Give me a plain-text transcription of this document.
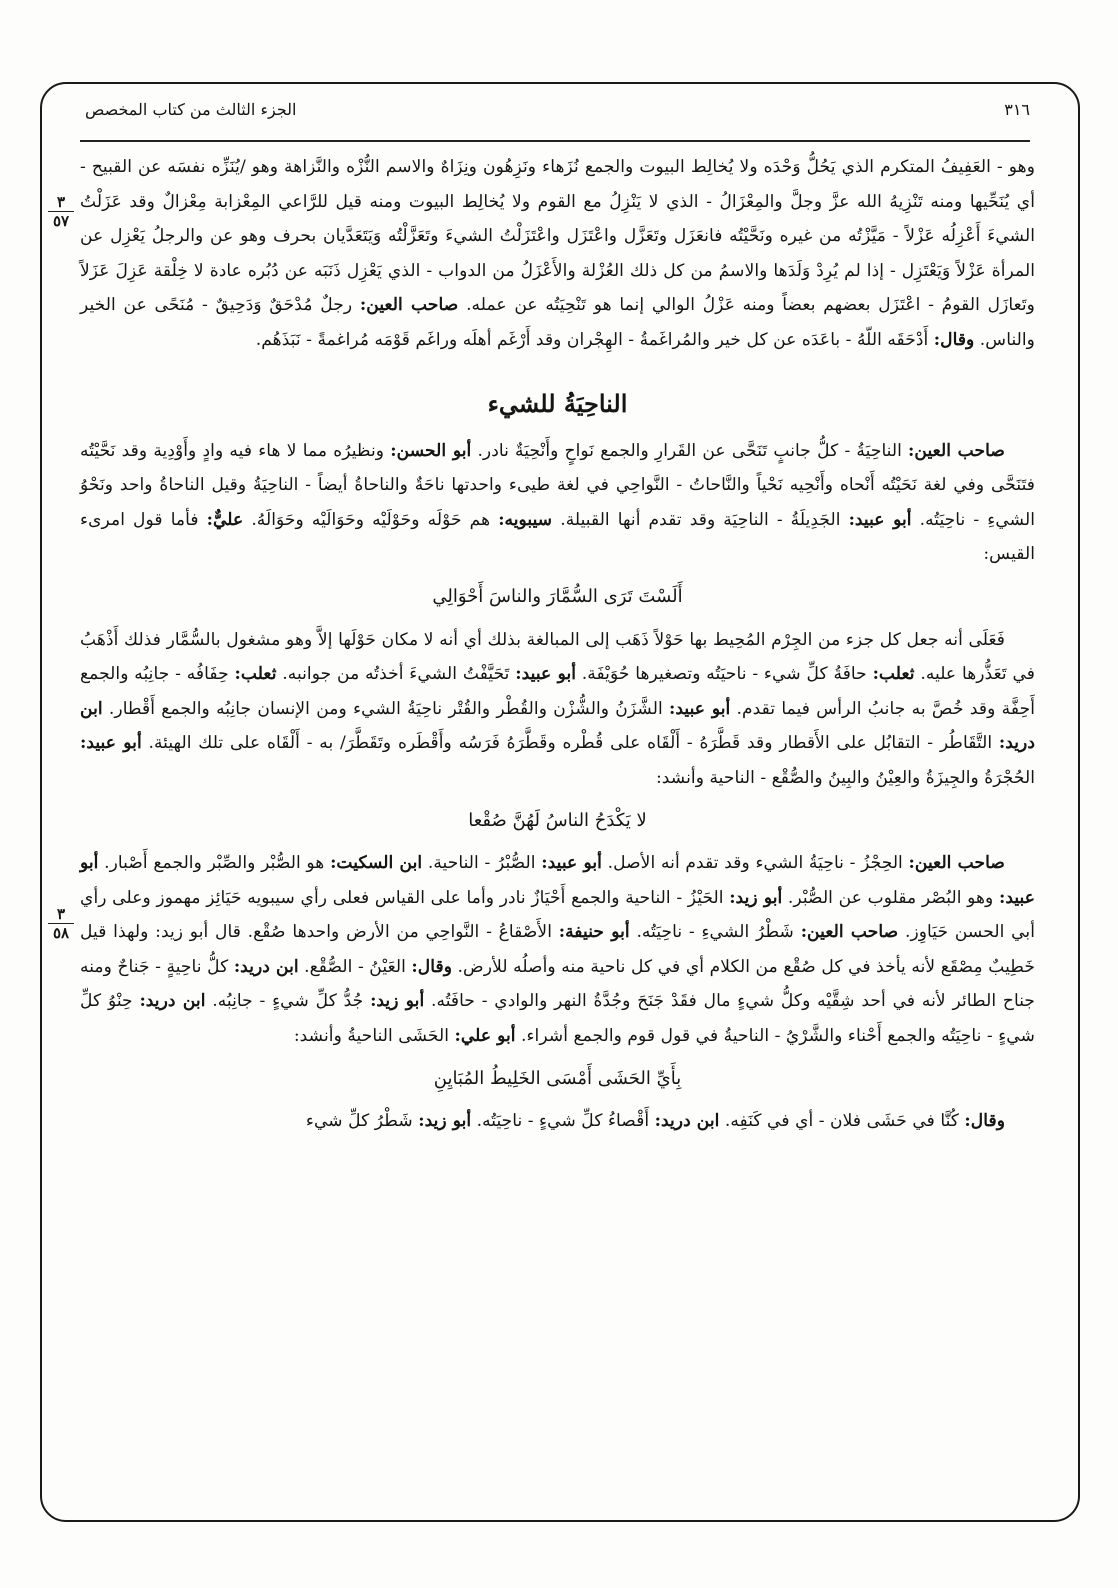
٣١٦
الجزء الثالث من كتاب المخصص
٣
٥٧
٣
٥٨

وهو - العَفِيفُ المتكرم الذي يَحُلُّ وَحْدَه ولا يُخالِط البيوت والجمع نُزَهاء ونَزِهُون ونِزَاهٌ والاسم النُّزْه والنَّزاهة وهو /يُنَزِّه نفسَه عن القبيح - أي يُنَحِّيها ومنه تَنْزِيهُ الله عزَّ وجلَّ والمِعْزَالُ - الذي لا يَنْزِلُ مع القوم ولا يُخالِط البيوت ومنه قيل للرَّاعي المِعْزابة مِعْزالٌ وقد عَزَلْتُ الشيءَ أَعْزِلُه عَزْلاً - مَيَّزْتُه من غيره ونَحَّيْتُه فانعَزَل وتَعَزَّل واعْتَزَل واعْتَزَلْتُ الشيءَ وتَعَزَّلْتُه وَيَتَعَدَّيان بحرف وهو عن والرجلُ يَعْزِل عن المرأة عَزْلاً وَيَعْتَزِل - إذا لم يُرِدْ وَلَدَها والاسمُ من كل ذلك العُزْلة والأَعْزَلُ من الدواب - الذي يَعْزِل ذَنَبَه عن دُبُره عادة لا خِلْقة عَزِلَ عَزَلاً وتَعازَل القومُ - اعْتَزَل بعضهم بعضاً ومنه عَزْلُ الوالي إنما هو تَنْحِيَتُه عن عمله. صاحب العين: رجلٌ مُدْحَقٌ وَدَحِيقٌ - مُنَحًى عن الخير والناس. وقال: أَدْحَقَه اللّهُ - باعَدَه عن كل خير والمُراغَمةُ - الهِجْران وقد أَرْغَم أهلَه وراغَم قَوْمَه مُراغمةً - نَبَذَهُم.

الناحِيَةُ للشيء

صاحب العين: الناحِيَةُ - كلُّ جانبٍ تَنَحَّى عن القَرارِ والجمع نَواحٍ وأَنْحِيَةٌ نادر. أبو الحسن: ونظيرُه مما لا هاء فيه وادٍ وأَوْدِية وقد نَحَّيْتُه فتَنَحَّى وفي لغة نَحَيْتُه أَنْحاه وأَنْحِيه نَحْياً والنَّاحاتُ - النَّواحِي في لغة طيىء واحدتها ناحَةٌ والناحاةُ أيضاً - الناحِيَةُ وقيل الناحاةُ واحد ونَحْوُ الشيءِ - ناحِيَتُه. أبو عبيد: الجَدِيلَةُ - الناحِيَة وقد تقدم أنها القبيلة. سيبويه: هم حَوْلَه وحَوْلَيْه وحَوَالَيْه وحَوَالَهُ. عليٌّ: فأما قول امرىء القيس:

أَلَسْتَ تَرَى السُّمَّارَ والناسَ أَحْوَالِي

فَعَلَى أنه جعل كل جزء من الجِرْم المُحِيط بها حَوْلاً ذَهَب إلى المبالغة بذلك أي أنه لا مكان حَوْلَها إلاَّ وهو مشغول بالسُّمَّار فذلك أَذْهَبُ في تَعَذُّرها عليه. ثعلب: حافَةُ كلِّ شيء - ناحيَتُه وتصغيرها حُوَيْفَة. أبو عبيد: تَحَيَّفْتُ الشيءَ أخذتُه من جوانبه. ثعلب: حِفَافُه - جانِبُه والجمع أَحِفَّة وقد خُصَّ به جانبُ الرأس فيما تقدم. أبو عبيد: الشَّزَنُ والشُّزْن والقُطْر والقُتْر ناحِيَةُ الشيء ومن الإنسان جانِبُه والجمع أَقْطار. ابن دريد: التَّقَاطُر - التقابُل على الأَقطار وقد قَطَّرَهُ - أَلْقَاه على قُطْره وقَطَّرَهُ فَرَسُه وأَقْطَره وتَقَطَّرَ/ به - أَلْقَاه على تلك الهيئة. أبو عبيد: الحُجْرَةُ والجِيزَةُ والعِيْنُ والبِينُ والصُّقْع - الناحية وأنشد:

لا يَكْدَحُ الناسُ لَهُنَّ صُقْعا

صاحب العين: الحِجْزُ - ناحِيَةُ الشيء وقد تقدم أنه الأصل. أبو عبيد: الصُّبْرُ - الناحية. ابن السكيت: هو الصُّبْر والصِّبْر والجمع أَصْبار. أبو عبيد: وهو البُصْر مقلوب عن الصُّبْر. أبو زيد: الحَيْزُ - الناحية والجمع أَحْيَازٌ نادر وأما على القياس فعلى رأي سيبويه حَيَائِز مهموز وعلى رأي أبي الحسن حَيَاوِز. صاحب العين: شَطْرُ الشيءِ - ناحِيَتُه. أبو حنيفة: الأَصْقاعُ - النَّواحِي من الأرض واحدها صُقْع. قال أبو زيد: ولهذا قيل خَطِيبٌ مِصْقَع لأنه يأخذ في كل صُقْع من الكلام أي في كل ناحية منه وأصلُه للأرض. وقال: العَيْنُ - الصُّقْع. ابن دريد: كلُّ ناحِيةٍ - جَناحٌ ومنه جناح الطائر لأنه في أحد شِقَّيْه وكلُّ شيءٍ مال فقَدْ جَنَحَ وجُدَّةُ النهر والوادي - حافَتُه. أبو زيد: جُدُّ كلِّ شيءٍ - جانِبُه. ابن دريد: حِنْوُ كلِّ شيءٍ - ناحِيَتُه والجمع أَحْناء والشَّرْيُ - الناحيةُ في قول قوم والجمع أشراء. أبو علي: الحَشَى الناحيةُ وأنشد:

بِأَيِّ الحَشَى أَمْسَى الخَلِيطُ المُبَايِنِ

وقال: كُنَّا في حَشَى فلان - أي في كَنَفِه. ابن دريد: أَقْصاءُ كلِّ شيءٍ - ناحِيَتُه. أبو زيد: شَطْرُ كلِّ شيء
